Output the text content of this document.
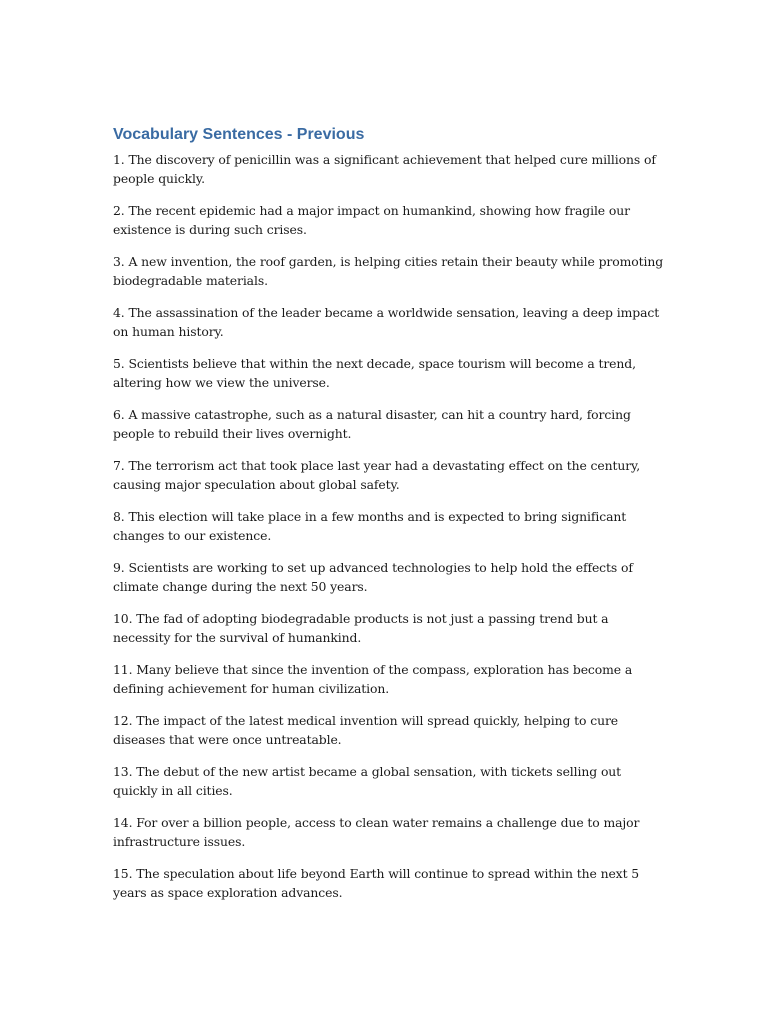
Vocabulary Sentences - Previous

1. The discovery of penicillin was a significant achievement that helped cure millions of people quickly.

2. The recent epidemic had a major impact on humankind, showing how fragile our existence is during such crises.

3. A new invention, the roof garden, is helping cities retain their beauty while promoting biodegradable materials.

4. The assassination of the leader became a worldwide sensation, leaving a deep impact on human history.

5. Scientists believe that within the next decade, space tourism will become a trend, altering how we view the universe.

6. A massive catastrophe, such as a natural disaster, can hit a country hard, forcing people to rebuild their lives overnight.

7. The terrorism act that took place last year had a devastating effect on the century, causing major speculation about global safety.

8. This election will take place in a few months and is expected to bring significant changes to our existence.

9. Scientists are working to set up advanced technologies to help hold the effects of climate change during the next 50 years.

10. The fad of adopting biodegradable products is not just a passing trend but a necessity for the survival of humankind.

11. Many believe that since the invention of the compass, exploration has become a defining achievement for human civilization.

12. The impact of the latest medical invention will spread quickly, helping to cure diseases that were once untreatable.

13. The debut of the new artist became a global sensation, with tickets selling out quickly in all cities.

14. For over a billion people, access to clean water remains a challenge due to major infrastructure issues.

15. The speculation about life beyond Earth will continue to spread within the next 5 years as space exploration advances.
